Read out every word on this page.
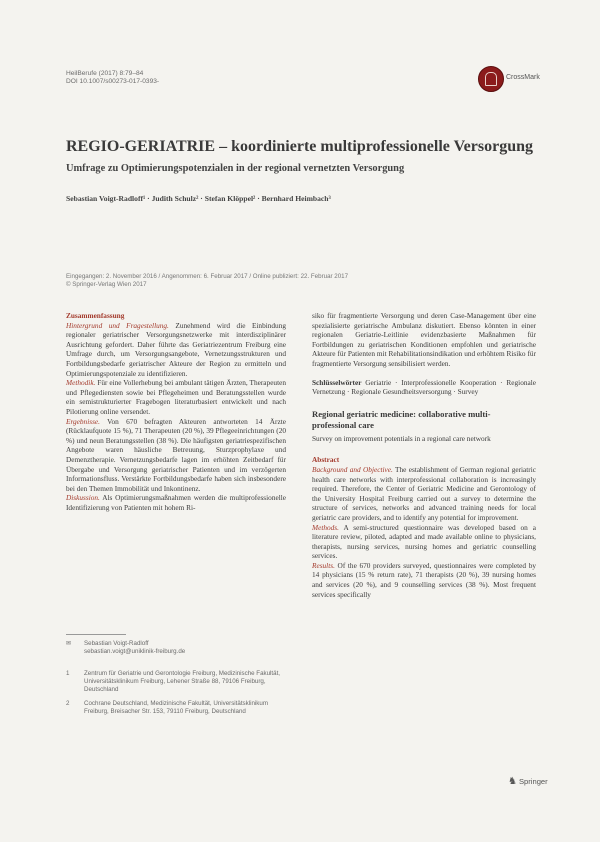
HeilBerufe (2017) 8:79–84
DOI 10.1007/s00273-017-0393-
CrossMark
REGIO-GERIATRIE – koordinierte multiprofessionelle Versorgung
Umfrage zu Optimierungspotenzialen in der regional vernetzten Versorgung
Sebastian Voigt-Radloff¹ · Judith Schulz² · Stefan Klöppel² · Bernhard Heimbach³
Eingegangen: 2. November 2016 / Angenommen: 6. Februar 2017 / Online publiziert: 22. Februar 2017
© Springer-Verlag Wien 2017
Zusammenfassung

Hintergrund und Fragestellung. Zunehmend wird die Einbindung regionaler geriatrischer Versorgungsnetzwerke mit interdisziplinärer Ausrichtung gefordert. Daher führte das Geriatriezentrum Freiburg eine Umfrage durch, um Versorgungsangebote, Vernetzungsstrukturen und Fortbildungsbedarfe geriatrischer Akteure der Region zu ermitteln und Optimierungspotenziale zu identifizieren.

Methodik. Für eine Vollerhebung bei ambulant tätigen Ärzten, Therapeuten und Pflegediensten sowie bei Pflegeheimen und Beratungsstellen wurde ein semistrukturierter Fragebogen literaturbasiert entwickelt und nach Pilotierung online versendet.

Ergebnisse. Von 670 befragten Akteuren antworteten 14 Ärzte (Rücklaufquote 15 %), 71 Therapeuten (20 %), 39 Pflegeeinrichtungen (20 %) und neun Beratungsstellen (38 %). Die häufigsten geriatriespezifischen Angebote waren häusliche Betreuung, Sturzprophylaxe und Demenztherapie. Vernetzungsbedarfe lagen im erhöhten Zeitbedarf für Übergabe und Versorgung geriatrischer Patienten und im verzögerten Informationsfluss. Verstärkte Fortbildungsbedarfe haben sich insbesondere bei den Themen Immobilität und Inkontinenz.

Diskussion. Als Optimierungsmaßnahmen werden die multiprofessionelle Identifizierung von Patienten mit hohem Ri-

✉ Sebastian Voigt-Radloff
sebastian.voigt@uniklinik-freiburg.de
1 Zentrum für Geriatrie und Gerontologie Freiburg, Medizinische Fakultät, Universitätsklinikum Freiburg, Lehener Straße 88, 79106 Freiburg, Deutschland
2 Cochrane Deutschland, Medizinische Fakultät, Universitätsklinikum Freiburg, Breisacher Str. 153, 79110 Freiburg, Deutschland

siko für fragmentierte Versorgung und deren Case-Management über eine spezialisierte geriatrische Ambulanz diskutiert. Ebenso könnten in einer regionalen Geriatrie-Leitlinie evidenzbasierte Maßnahmen für Fortbildungen zu geriatrischen Konditionen empfohlen und geriatrische Akteure für Patienten mit Rehabilitationsindikation und erhöhtem Risiko für fragmentierte Versorgung sensibilisiert werden.

Schlüsselwörter Geriatrie · Interprofessionelle Kooperation · Regionale Vernetzung · Regionale Gesundheitsversorgung · Survey

Regional geriatric medicine: collaborative multi-professional care

Survey on improvement potentials in a regional care network

Abstract

Background and Objective. The establishment of German regional geriatric health care networks with interprofessional collaboration is increasingly required. Therefore, the Center of Geriatric Medicine and Gerontology of the University Hospital Freiburg carried out a survey to determine the structure of services, networks and advanced training needs for local geriatric care providers, and to identify any potential for improvement.

Methods. A semi-structured questionnaire was developed based on a literature review, piloted, adapted and made available online to physicians, therapists, nursing services, nursing homes and geriatric counselling services.

Results. Of the 670 providers surveyed, questionnaires were completed by 14 physicians (15 % return rate), 71 therapists (20 %), 39 nursing homes and services (20 %), and 9 counselling services (38 %). Most frequent services specifically

♞ Springer
